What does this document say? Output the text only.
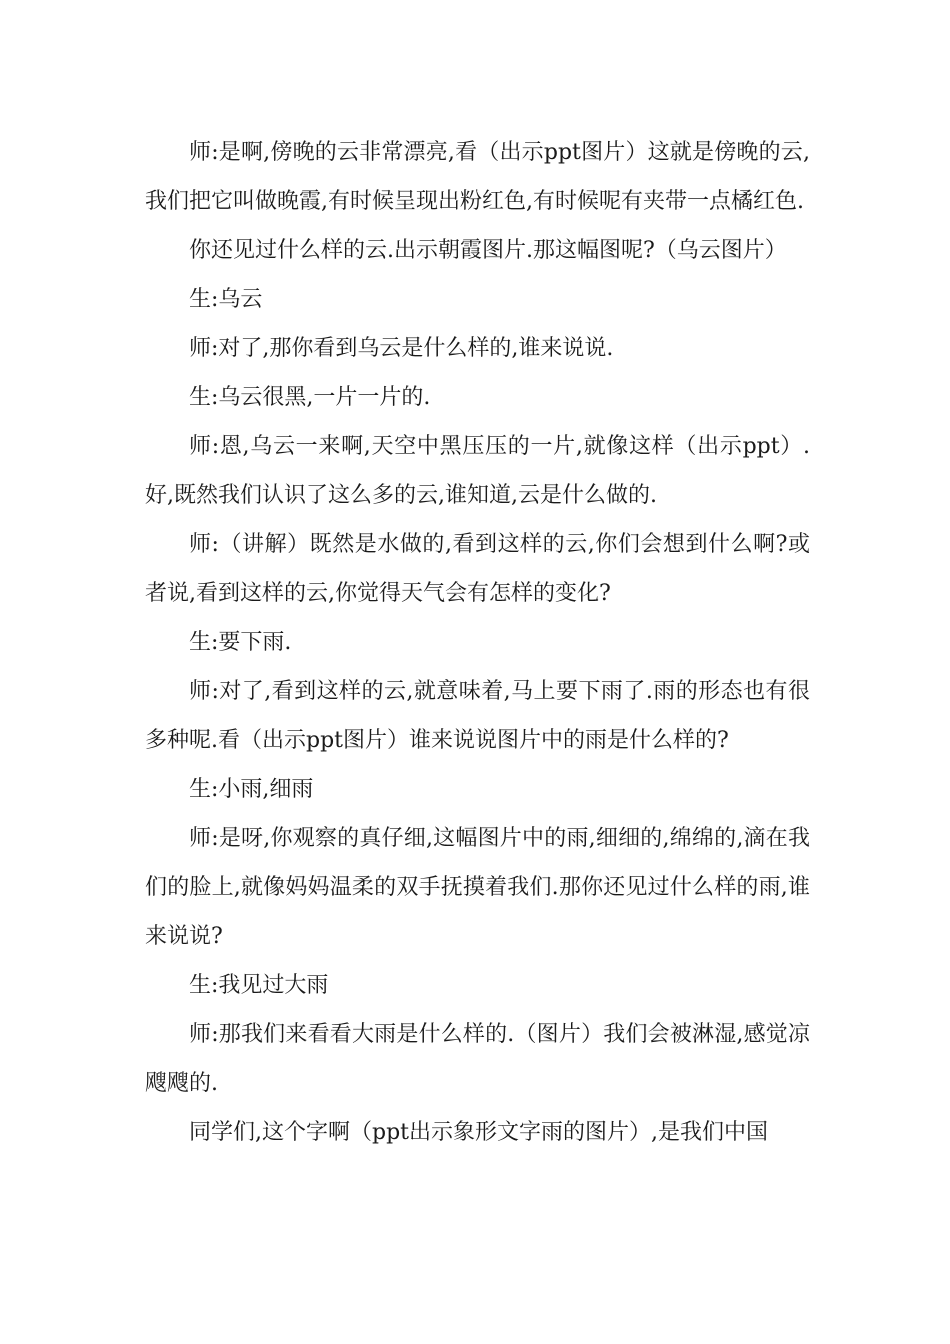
师:是啊,傍晚的云非常漂亮,看（出示ppt图片）这就是傍晚的云,我们把它叫做晚霞,有时候呈现出粉红色,有时候呢有夹带一点橘红色.

你还见过什么样的云.出示朝霞图片.那这幅图呢?（乌云图片）

生:乌云

师:对了,那你看到乌云是什么样的,谁来说说.

生:乌云很黑,一片一片的.

师:恩,乌云一来啊,天空中黑压压的一片,就像这样（出示ppt）.好,既然我们认识了这么多的云,谁知道,云是什么做的.

师:（讲解）既然是水做的,看到这样的云,你们会想到什么啊?或者说,看到这样的云,你觉得天气会有怎样的变化?

生:要下雨.

师:对了,看到这样的云,就意味着,马上要下雨了.雨的形态也有很多种呢.看（出示ppt图片）谁来说说图片中的雨是什么样的?

生:小雨,细雨

师:是呀,你观察的真仔细,这幅图片中的雨,细细的,绵绵的,滴在我们的脸上,就像妈妈温柔的双手抚摸着我们.那你还见过什么样的雨,谁来说说?

生:我见过大雨

师:那我们来看看大雨是什么样的.（图片）我们会被淋湿,感觉凉飕飕的.

同学们,这个字啊（ppt出示象形文字雨的图片）,是我们中国
